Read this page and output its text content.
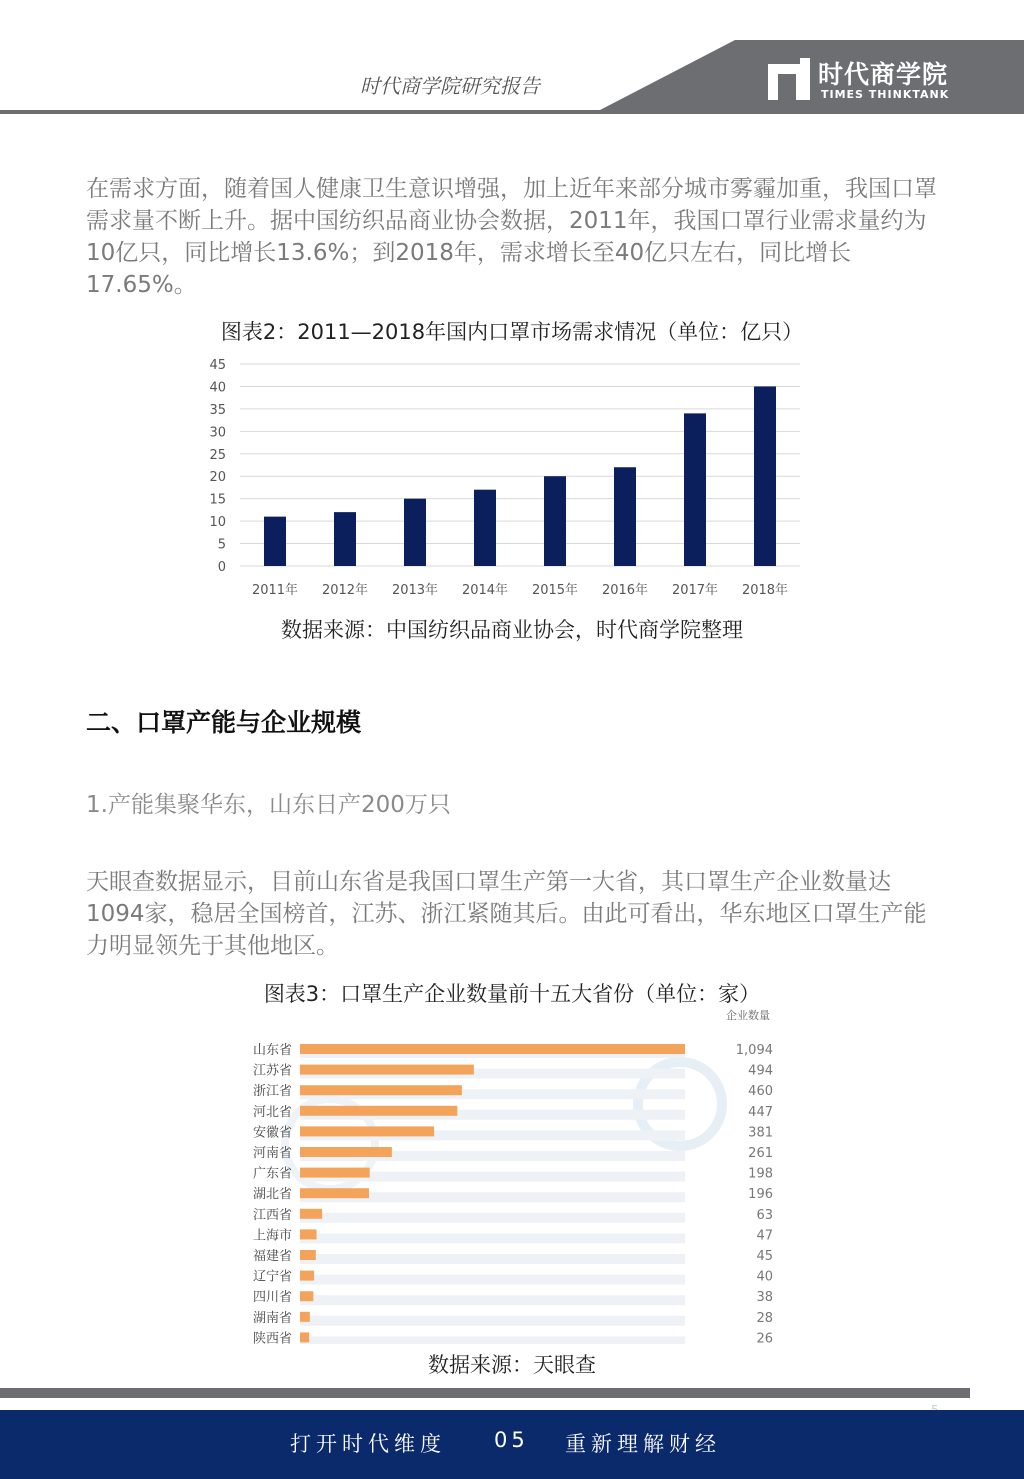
时代商学院研究报告	时代商学院
TIMES THINKTANK
在需求方面，随着国人健康卫生意识增强，加上近年来部分城市雾霾加重，我国口罩需求量不断上升。据中国纺织品商业协会数据，2011年，我国口罩行业需求量约为10亿只，同比增长13.6%；到2018年，需求增长至40亿只左右，同比增长17.65%。
图表2：2011—2018年国内口罩市场需求情况（单位：亿只）
0
5
10
15
20
25
30
35
40
45
2011年 2012年 2013年 2014年 2015年 2016年 2017年 2018年
数据来源：中国纺织品商业协会，时代商学院整理
二、口罩产能与企业规模
1.产能集聚华东，山东日产200万只
天眼查数据显示，目前山东省是我国口罩生产第一大省，其口罩生产企业数量达1094家，稳居全国榜首，江苏、浙江紧随其后。由此可看出，华东地区口罩生产能力明显领先于其他地区。
图表3：口罩生产企业数量前十五大省份（单位：家）
企业数量
山东省	1,094
江苏省	494
浙江省	460
河北省	447
安徽省	381
河南省	261
广东省	198
湖北省	196
江西省	63
上海市	47
福建省	45
辽宁省	40
四川省	38
湖南省	28
陕西省	26
数据来源：天眼查
打开时代维度 05 重新理解财经
